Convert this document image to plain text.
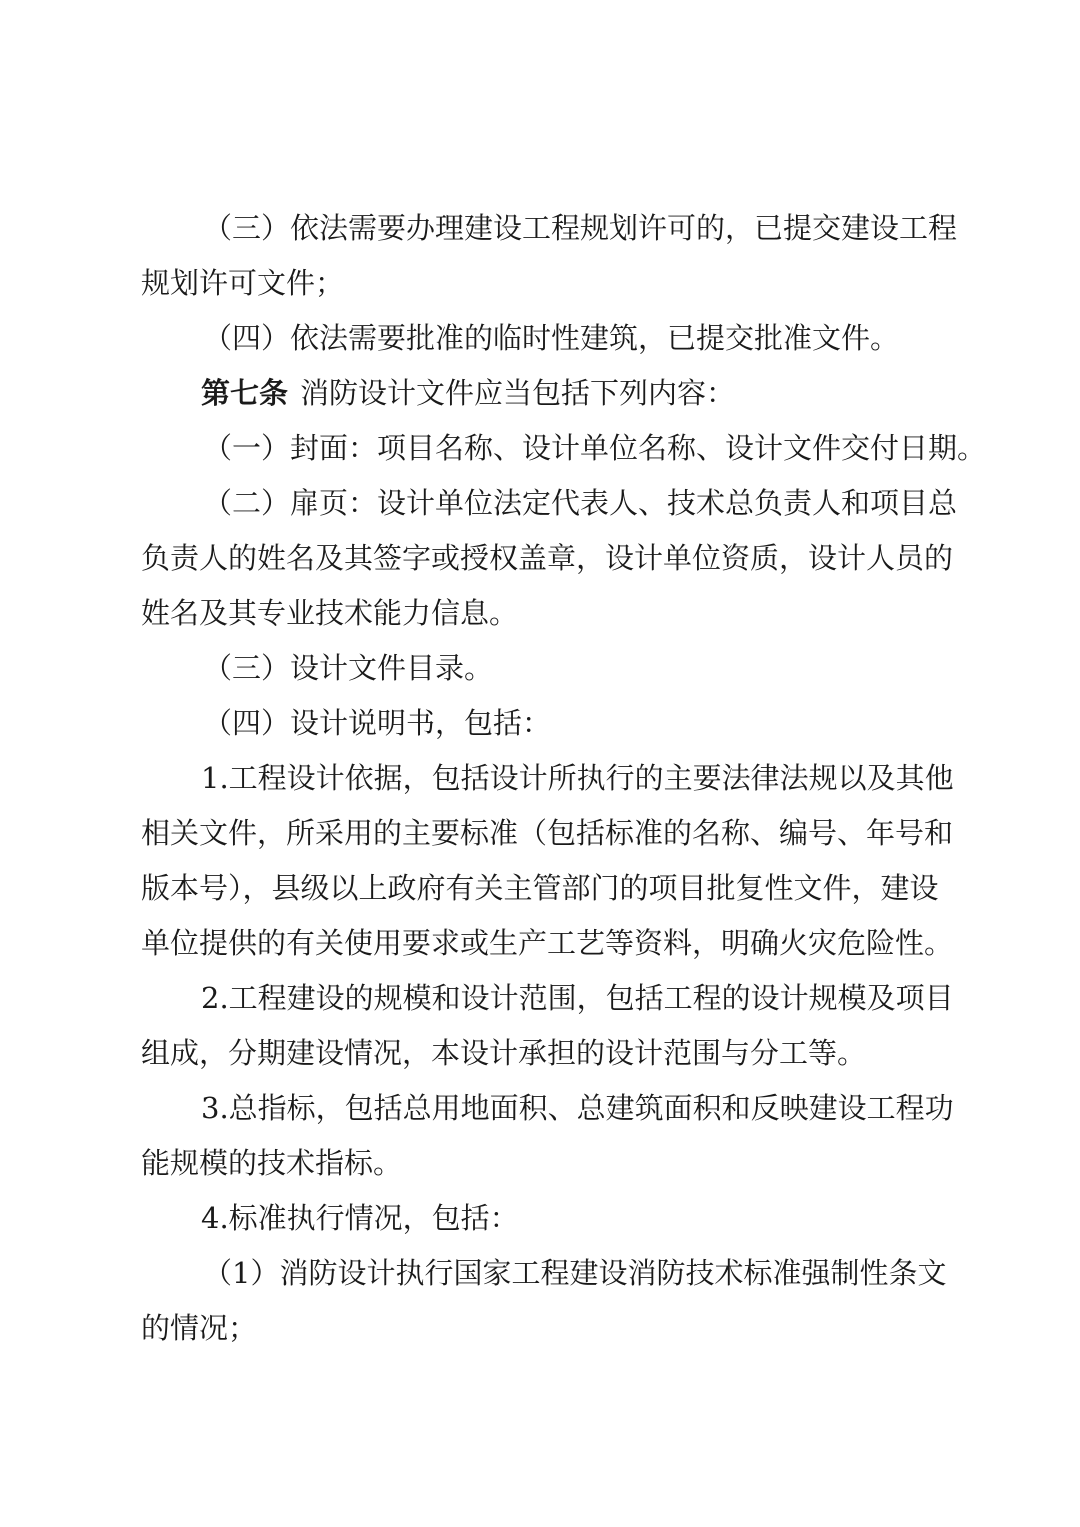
（三）依法需要办理建设工程规划许可的，已提交建设工程
规划许可文件；
（四）依法需要批准的临时性建筑，已提交批准文件。
第七条 消防设计文件应当包括下列内容：
（一）封面：项目名称、设计单位名称、设计文件交付日期。
（二）扉页：设计单位法定代表人、技术总负责人和项目总
负责人的姓名及其签字或授权盖章，设计单位资质，设计人员的
姓名及其专业技术能力信息。
（三）设计文件目录。
（四）设计说明书，包括：
1.工程设计依据，包括设计所执行的主要法律法规以及其他
相关文件，所采用的主要标准（包括标准的名称、编号、年号和
版本号），县级以上政府有关主管部门的项目批复性文件，建设
单位提供的有关使用要求或生产工艺等资料，明确火灾危险性。
2.工程建设的规模和设计范围，包括工程的设计规模及项目
组成，分期建设情况，本设计承担的设计范围与分工等。
3.总指标，包括总用地面积、总建筑面积和反映建设工程功
能规模的技术指标。
4.标准执行情况，包括：
（1）消防设计执行国家工程建设消防技术标准强制性条文
的情况；
